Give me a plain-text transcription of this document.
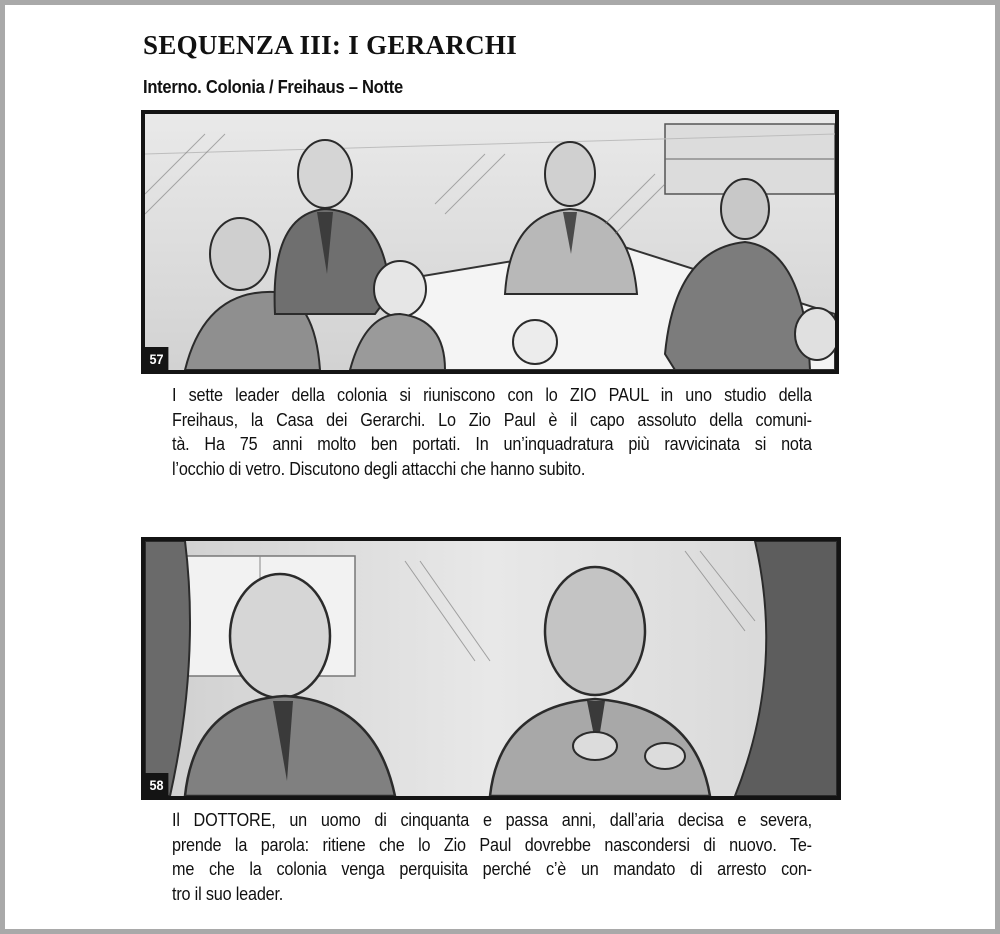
SEQUENZA III: I GERARCHI
Interno. Colonia / Freihaus – Notte
57

I sette leader della colonia si riuniscono con lo ZIO PAUL in uno studio della
Freihaus, la Casa dei Gerarchi. Lo Zio Paul è il capo assoluto della comuni-
tà. Ha 75 anni molto ben portati. In un’inquadratura più ravvicinata si nota
l’occhio di vetro. Discutono degli attacchi che hanno subito.

58

Il DOTTORE, un uomo di cinquanta e passa anni, dall’aria decisa e severa,
prende la parola: ritiene che lo Zio Paul dovrebbe nascondersi di nuovo. Te-
me che la colonia venga perquisita perché c’è un mandato di arresto con-
tro il suo leader.
